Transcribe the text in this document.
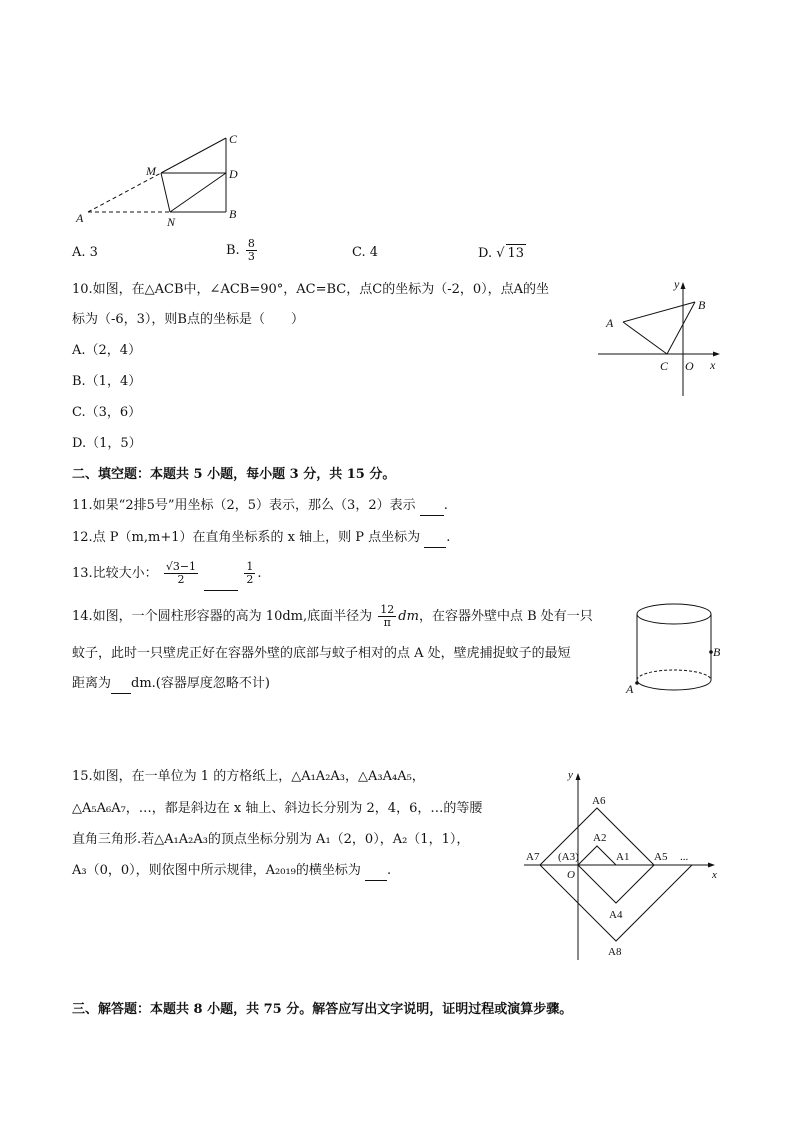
C
M	D
A	N
B
A. 3	B. $\frac{8}{3}$	C. 4	D. √ 13
10.如图，在△ACB中，∠ACB=90°，AC=BC，点C的坐标为（-2，0），点A的坐
标为（-6，3），则B点的坐标是（　　）
A.（2，4）
B.（1，4）
C.（3，6）
D.（1，5）
y
B
A
C O x
二、填空题：本题共 5 小题，每小题 3 分，共 15 分。
11.如果“2排5号”用坐标（2，5）表示，那么（3，2）表示 .
12.点 P（m,m+1）在直角坐标系的 x 轴上，则 P 点坐标为 .
13.比较大小： $\frac{√3-1}{2}$
	$\frac{1}{2}$ .
14.如图，一个圆柱形容器的高为 10dm,底面半径为 $\frac{12}{\pi}$ dm，在容器外壁中点 B 处有一只
蚊子，此时一只壁虎正好在容器外壁的底部与蚊子相对的点 A 处，壁虎捕捉蚊子的最短
距离为 dm.(容器厚度忽略不计)
B
A
15.如图，在一单位为 1 的方格纸上，△A₁A₂A₃，△A₃A₄A₅，
△A₅A₆A₇，…，都是斜边在 x 轴上、斜边长分别为 2，4，6，…的等腰
直角三角形.若△A₁A₂A₃的顶点坐标分别为 A₁（2，0），A₂（1，1），
A₃（0，0），则依图中所示规律，A₂₀₁₉的横坐标为 .
y
x
O
A6
A2
A7 (A3)	A1 A5 ...
A4
A8
三、解答题：本题共 8 小题，共 75 分。解答应写出文字说明，证明过程或演算步骤。
